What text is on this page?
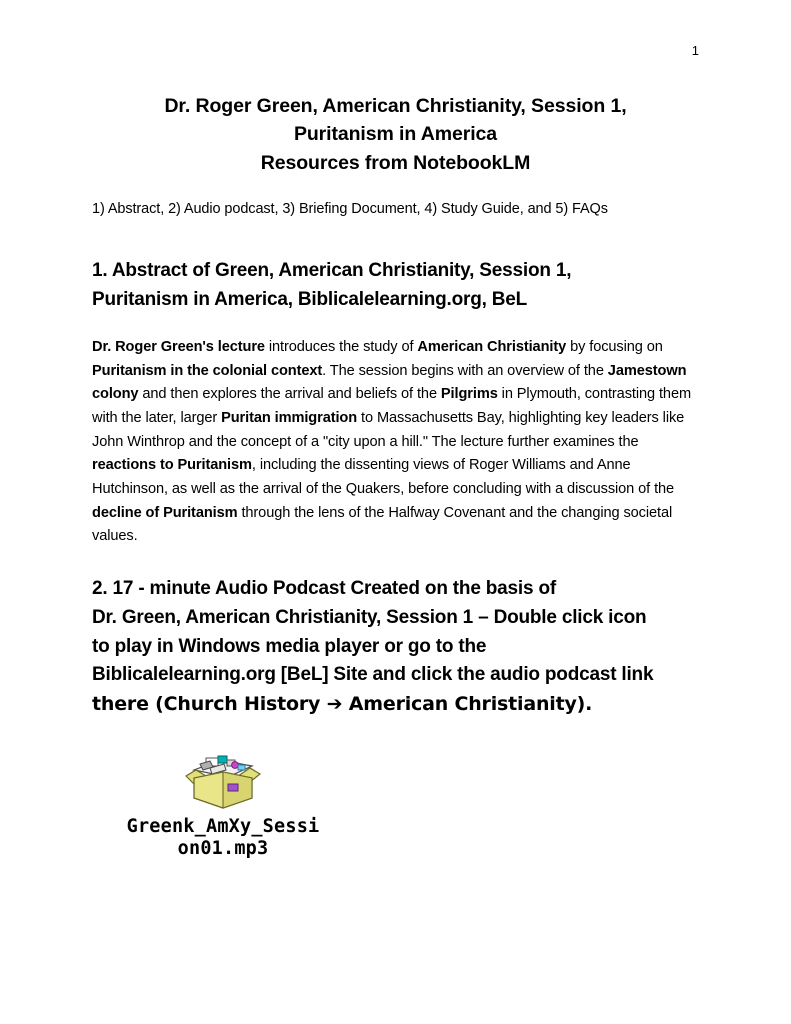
1
Dr. Roger Green, American Christianity, Session 1,
Puritanism in America
Resources from NotebookLM
1) Abstract, 2) Audio podcast, 3) Briefing Document, 4) Study Guide, and 5) FAQs
1. Abstract of Green, American Christianity, Session 1,
Puritanism in America, Biblicalelearning.org, BeL
Dr. Roger Green's lecture introduces the study of American Christianity by focusing on Puritanism in the colonial context. The session begins with an overview of the Jamestown colony and then explores the arrival and beliefs of the Pilgrims in Plymouth, contrasting them with the later, larger Puritan immigration to Massachusetts Bay, highlighting key leaders like John Winthrop and the concept of a "city upon a hill." The lecture further examines the reactions to Puritanism, including the dissenting views of Roger Williams and Anne Hutchinson, as well as the arrival of the Quakers, before concluding with a discussion of the decline of Puritanism through the lens of the Halfway Covenant and the changing societal values.
2. 17 - minute Audio Podcast Created on the basis of
Dr. Green, American Christianity, Session 1 – Double click icon
to play in Windows media player or go to the
Biblicalelearning.org [BeL] Site and click the audio podcast link
there (Church History ➔ American Christianity).
Greenk_AmXy_Sessi
on01.mp3
